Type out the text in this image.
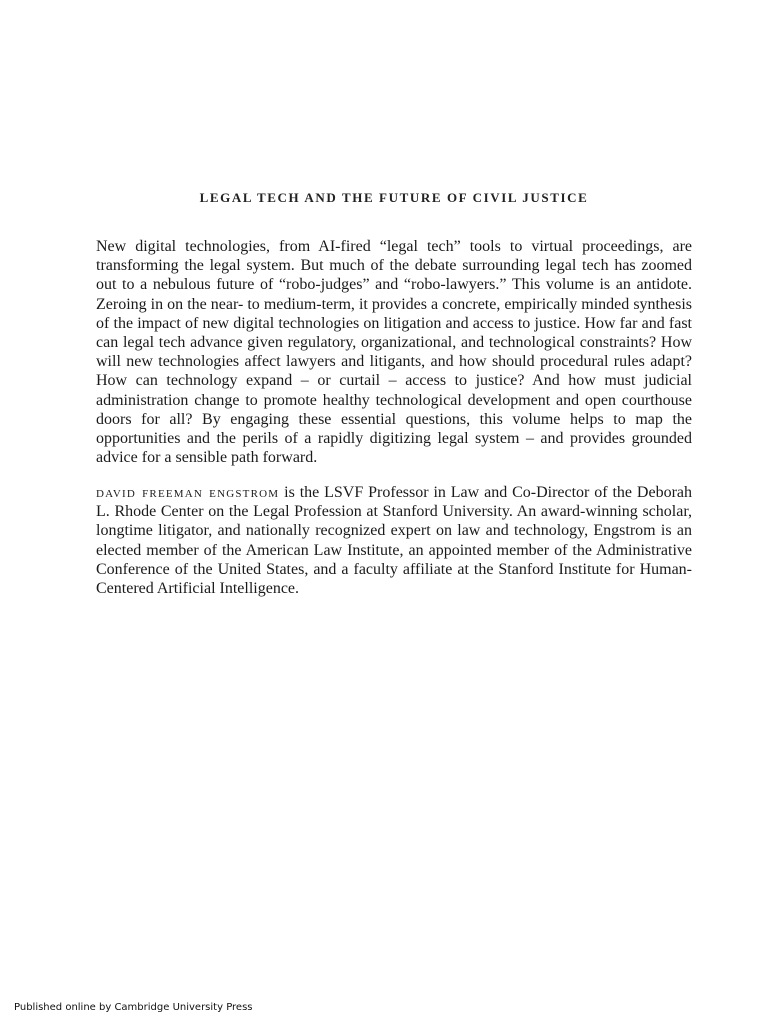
LEGAL TECH AND THE FUTURE OF CIVIL JUSTICE

New digital technologies, from AI-fired “legal tech” tools to virtual proceedings, are transforming the legal system. But much of the debate surrounding legal tech has zoomed out to a nebulous future of “robo-judges” and “robo-lawyers.” This volume is an antidote. Zeroing in on the near- to medium-term, it provides a concrete, empirically minded synthesis of the impact of new digital technologies on litigation and access to justice. How far and fast can legal tech advance given regulatory, organizational, and technological constraints? How will new technologies affect lawyers and litigants, and how should procedural rules adapt? How can technology expand – or curtail – access to justice? And how must judicial administration change to promote healthy technological development and open courthouse doors for all? By engaging these essential questions, this volume helps to map the opportunities and the perils of a rapidly digitizing legal system – and provides grounded advice for a sensible path forward.

david freeman engstrom is the LSVF Professor in Law and Co-Director of the Deborah L. Rhode Center on the Legal Profession at Stanford University. An award-winning scholar, longtime litigator, and nationally recognized expert on law and technology, Engstrom is an elected member of the American Law Institute, an appointed member of the Administrative Conference of the United States, and a faculty affiliate at the Stanford Institute for Human-Centered Artificial Intelligence.

Published online by Cambridge University Press
